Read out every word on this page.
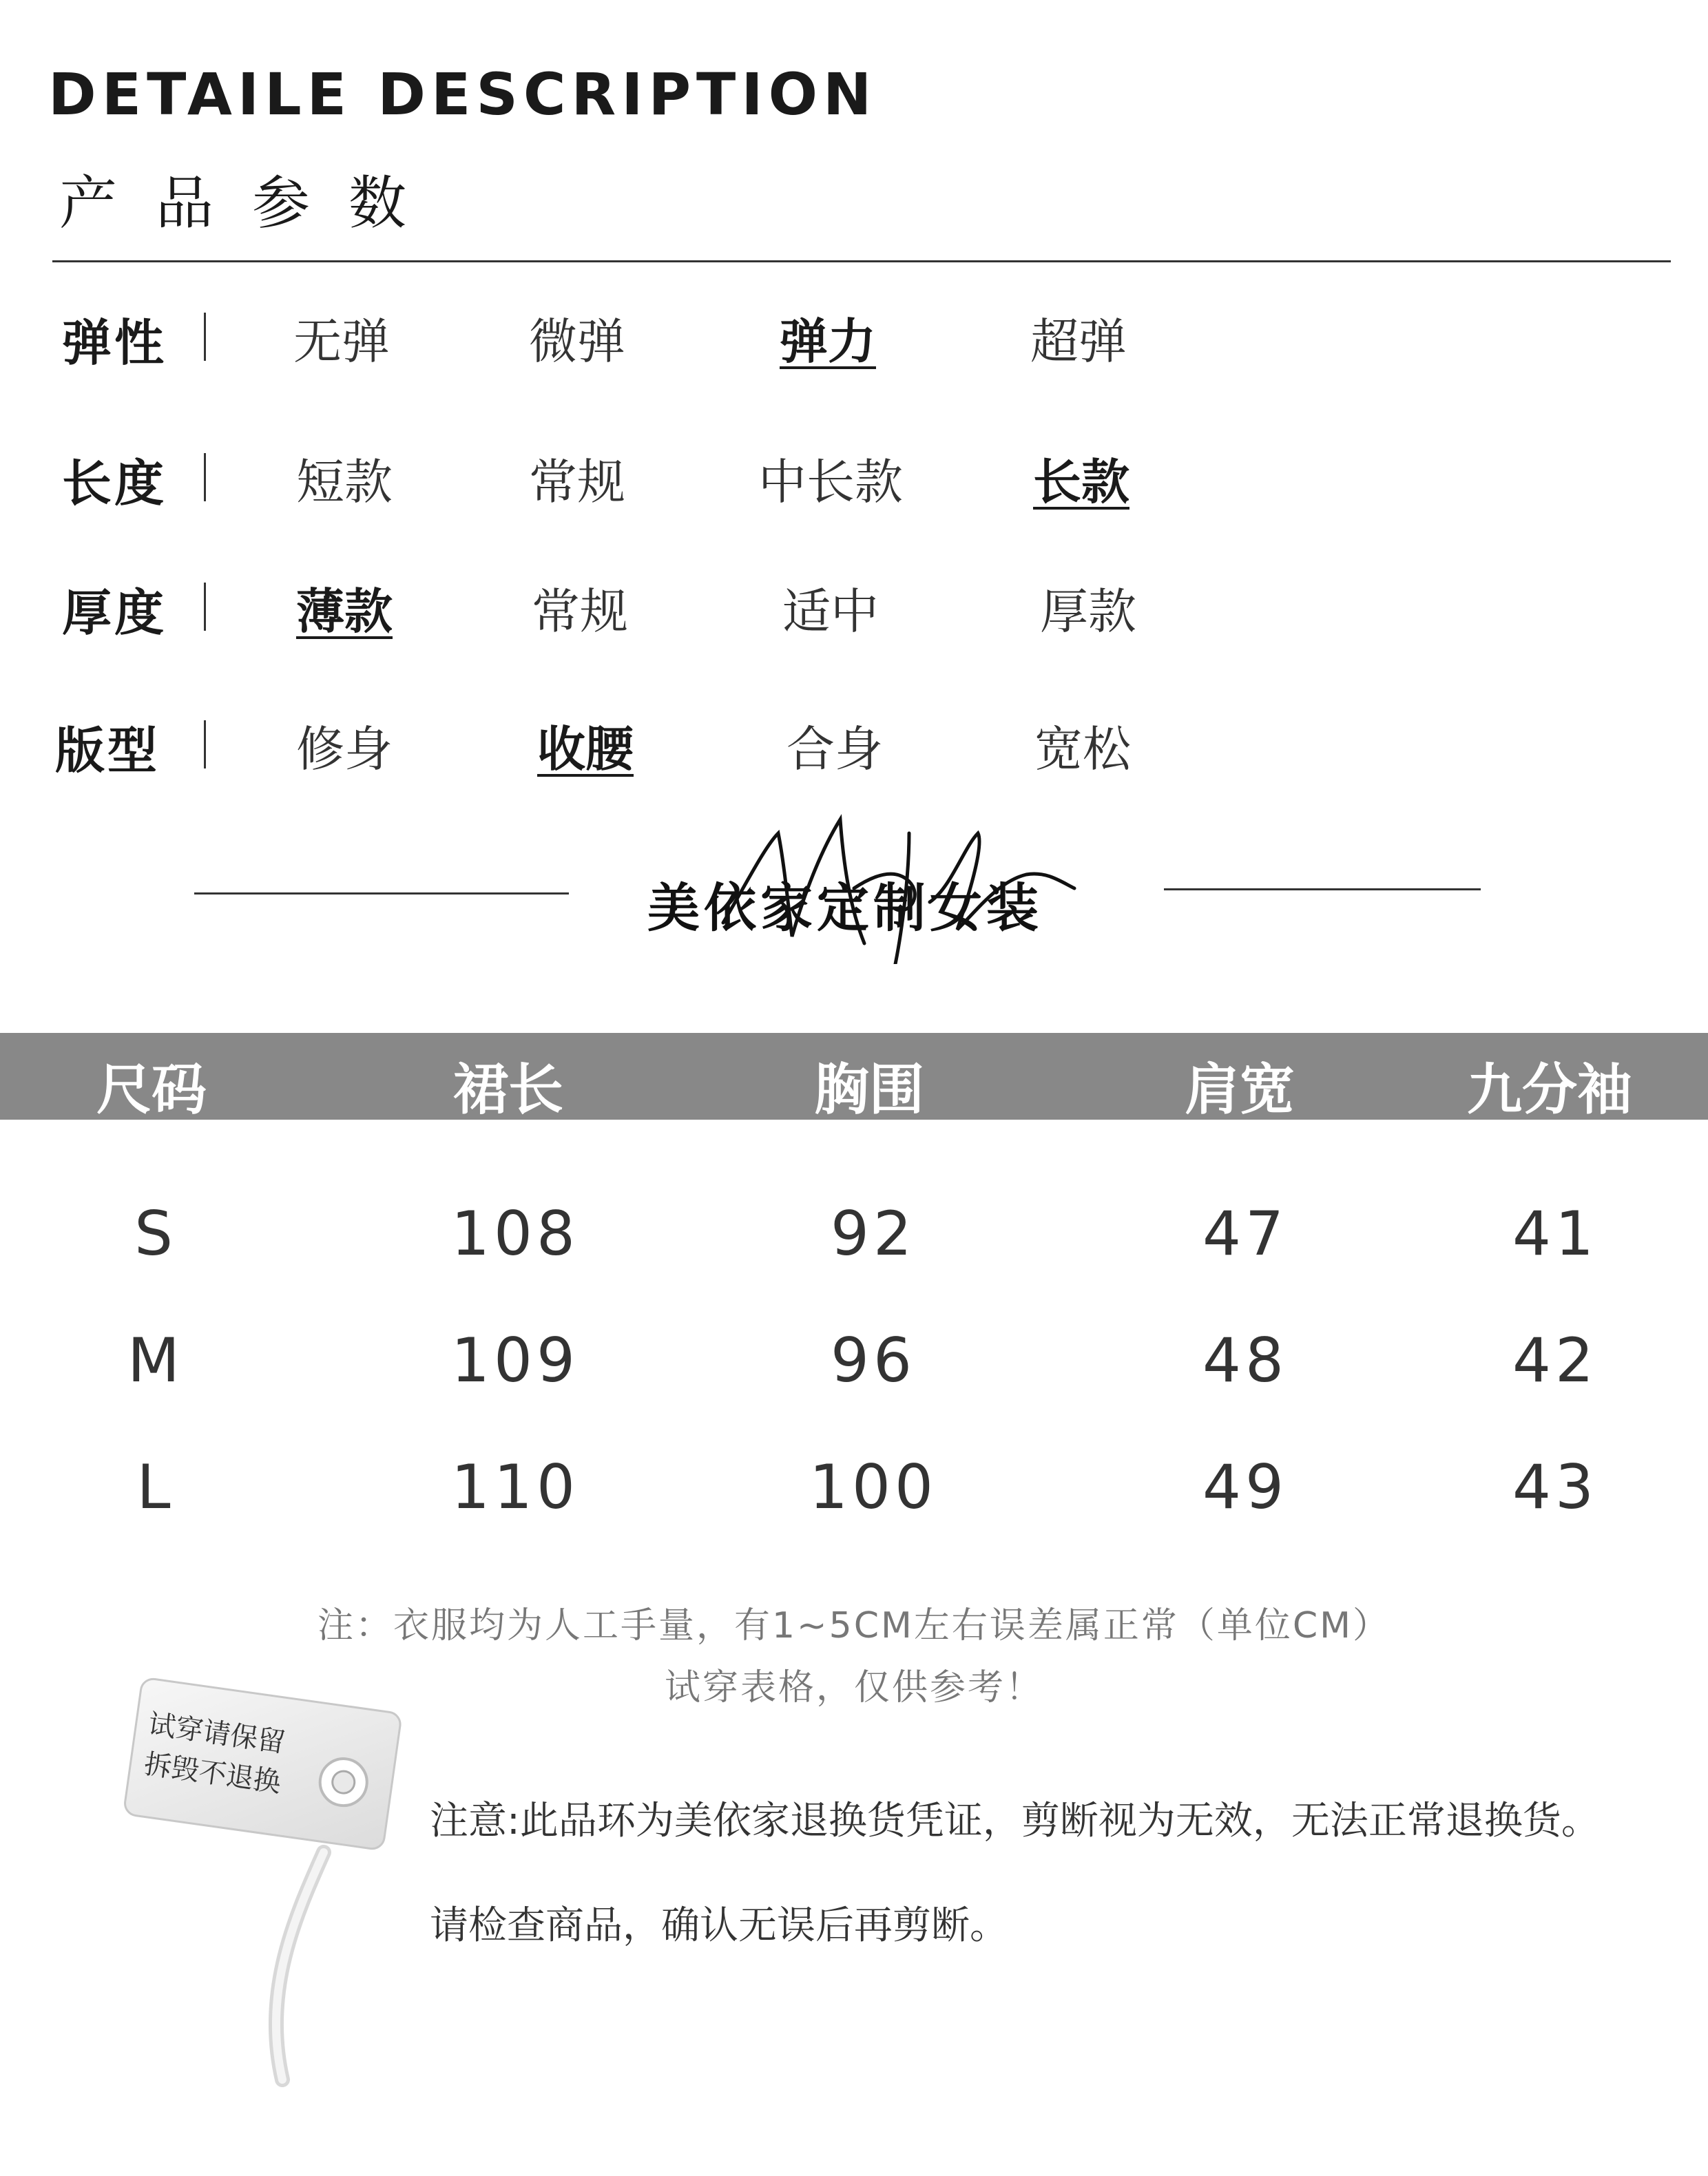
DETAILE DESCRIPTION
产品参数
弹性	无弹	微弹	弹力	超弹
长度	短款	常规	中长款	长款
厚度	薄款	常规	适中	厚款
版型	修身	收腰	合身	宽松
美依家定制女装
尺码	裙长	胸围	肩宽	九分袖
S	108	92	47	41
M	109	96	48	42
L	110	100	49	43
注：衣服均为人工手量，有1~5CM左右误差属正常（单位CM）
试穿表格，仅供参考！
试穿请保留
拆毁不退换
注意:此品环为美依家退换货凭证，剪断视为无效，无法正常退换货。
请检查商品，确认无误后再剪断。
